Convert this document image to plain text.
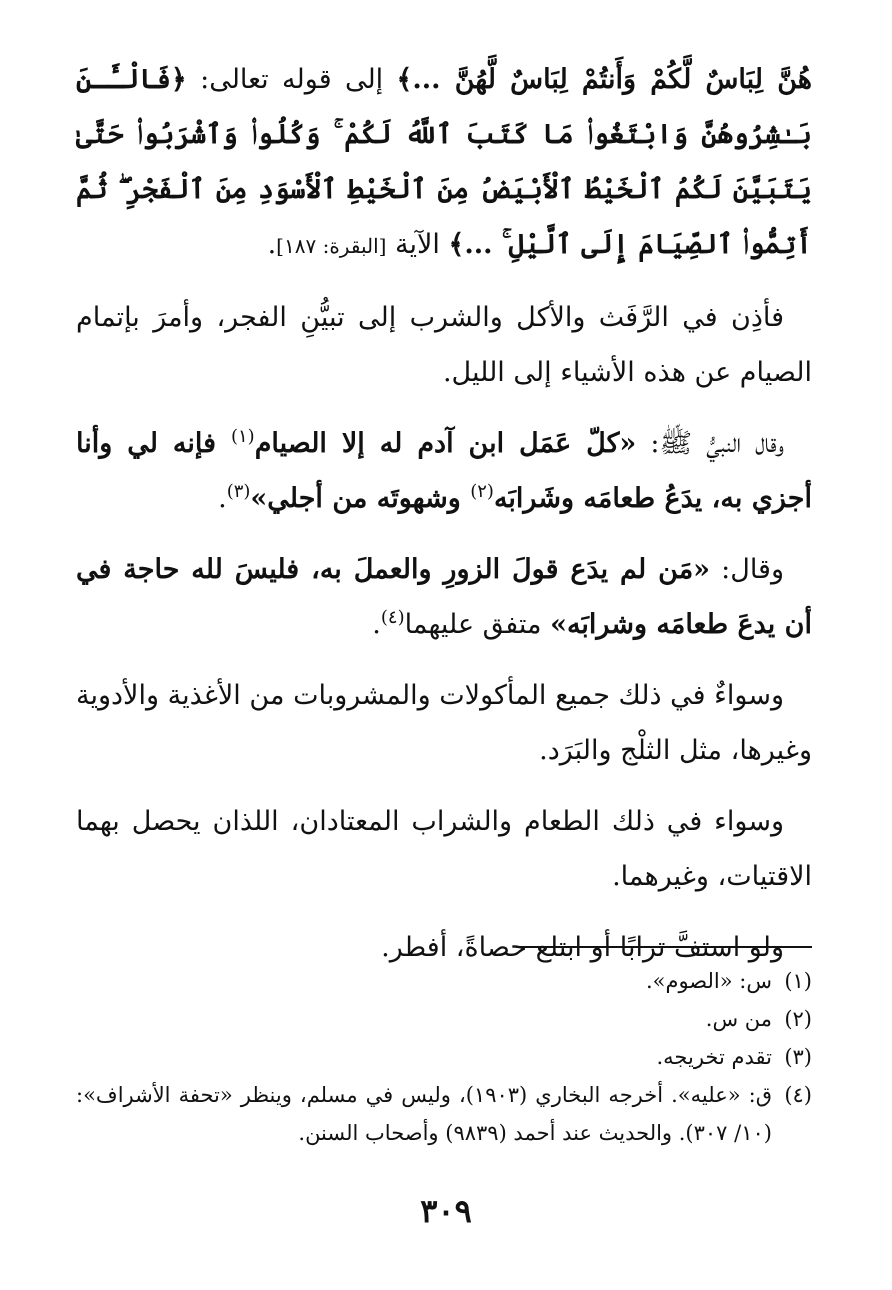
هُنَّ لِبَاسٌ لَّكُمْ وَأَنتُمْ لِبَاسٌ لَّهُنَّ ...﴾ إلى قوله تعالى: ﴿فَالْـَٔـنَ بَـٰشِرُوهُنَّ وَابْتَغُوا۟ مَا كَتَبَ ٱللَّهُ لَكُمْ ۚ وَكُلُوا۟ وَٱشْرَبُوا۟ حَتَّىٰ يَتَبَيَّنَ لَكُمُ ٱلْخَيْطُ ٱلْأَبْيَضُ مِنَ ٱلْخَيْطِ ٱلْأَسْوَدِ مِنَ ٱلْفَجْرِ ۖ ثُمَّ أَتِمُّوا۟ ٱلصِّيَامَ إِلَى ٱلَّيْلِ ۚ ...﴾ الآية [البقرة: ١٨٧].

فأذِن في الرَّفَث والأكل والشرب إلى تبيُّنِ الفجر، وأمرَ بإتمام الصيام عن هذه الأشياء إلى الليل.

وقال النبيُّ ﷺ: «كلّ عَمَل ابن آدم له إلا الصيام$^{(١)}$ فإنه لي وأنا أجزي به، يدَعُ طعامَه وشَرابَه$^{(٢)}$ وشهوتَه من أجلي»$^{(٣)}$.

وقال: «مَن لم يدَع قولَ الزورِ والعملَ به، فليسَ لله حاجة في أن يدعَ طعامَه وشرابَه» متفق عليهما$^{(٤)}$.

وسواءٌ في ذلك جميع المأكولات والمشروبات من الأغذية والأدوية وغيرها، مثل الثلْج والبَرَد.

وسواء في ذلك الطعام والشراب المعتادان، اللذان يحصل بهما الاقتيات، وغيرهما.

ولو استفَّ ترابًا أو ابتلع حصاةً، أفطر.

(١)
س: «الصوم».
(٢)
من س.
(٣)
تقدم تخريجه.
(٤)
ق: «عليه». أخرجه البخاري (١٩٠٣)، وليس في مسلم، وينظر «تحفة الأشراف»: (١٠/ ٣٠٧). والحديث عند أحمد (٩٨٣٩) وأصحاب السنن.
٣٠٩
